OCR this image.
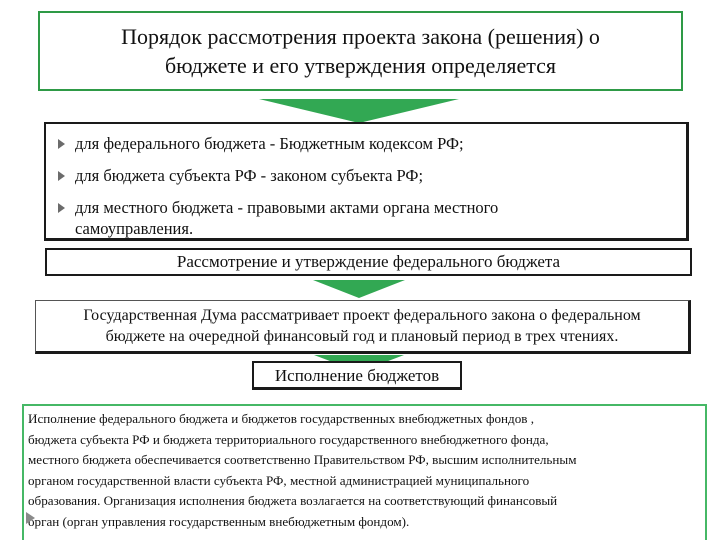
Порядок рассмотрения проекта закона (решения) о
бюджете и его утверждения определяется
для федерального бюджета - Бюджетным кодексом РФ;
для бюджета субъекта РФ - законом субъекта РФ;
для местного бюджета - правовыми актами органа местного
самоуправления.
Рассмотрение и утверждение федерального бюджета
Государственная Дума рассматривает проект федерального закона о федеральном
бюджете на очередной финансовый год и плановый период в трех чтениях.
Исполнение бюджетов
Исполнение федерального бюджета и бюджетов государственных внебюджетных фондов ,
бюджета субъекта РФ и бюджета территориального государственного внебюджетного фонда,
местного бюджета обеспечивается соответственно Правительством РФ, высшим исполнительным
органом государственной власти субъекта РФ, местной администрацией муниципального
образования. Организация исполнения бюджета возлагается на соответствующий финансовый
орган (орган управления государственным внебюджетным фондом).
